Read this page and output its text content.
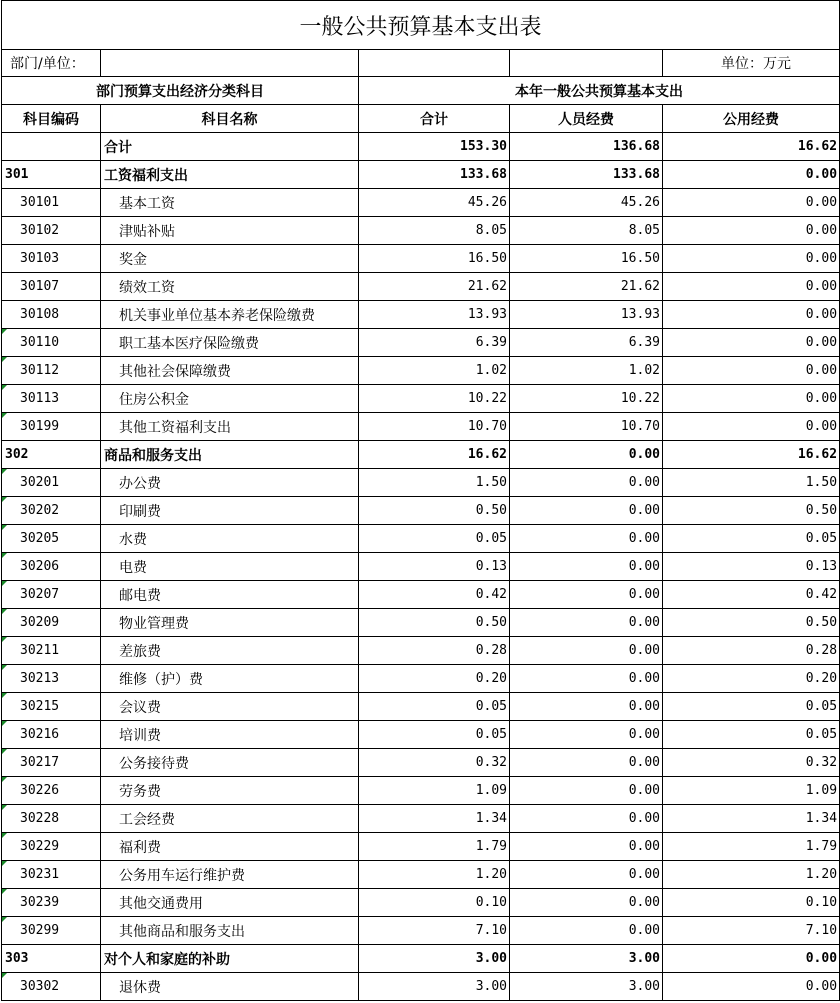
一般公共预算基本支出表				
部门/单位：				单位：万元
部门预算支出经济分类科目		本年一般公共预算基本支出		
科目编码	科目名称	合计	人员经费	公用经费
	合计	153.30	136.68	16.62
301	工资福利支出	133.68	133.68	0.00
30101	基本工资	45.26	45.26	0.00
30102	津贴补贴	8.05	8.05	0.00
30103	奖金	16.50	16.50	0.00
30107	绩效工资	21.62	21.62	0.00
30108	机关事业单位基本养老保险缴费	13.93	13.93	0.00
30110	职工基本医疗保险缴费	6.39	6.39	0.00
30112	其他社会保障缴费	1.02	1.02	0.00
30113	住房公积金	10.22	10.22	0.00
30199	其他工资福利支出	10.70	10.70	0.00
302	商品和服务支出	16.62	0.00	16.62
30201	办公费	1.50	0.00	1.50
30202	印刷费	0.50	0.00	0.50
30205	水费	0.05	0.00	0.05
30206	电费	0.13	0.00	0.13
30207	邮电费	0.42	0.00	0.42
30209	物业管理费	0.50	0.00	0.50
30211	差旅费	0.28	0.00	0.28
30213	维修（护）费	0.20	0.00	0.20
30215	会议费	0.05	0.00	0.05
30216	培训费	0.05	0.00	0.05
30217	公务接待费	0.32	0.00	0.32
30226	劳务费	1.09	0.00	1.09
30228	工会经费	1.34	0.00	1.34
30229	福利费	1.79	0.00	1.79
30231	公务用车运行维护费	1.20	0.00	1.20
30239	其他交通费用	0.10	0.00	0.10
30299	其他商品和服务支出	7.10	0.00	7.10
303	对个人和家庭的补助	3.00	3.00	0.00
30302	退休费	3.00	3.00	0.00
